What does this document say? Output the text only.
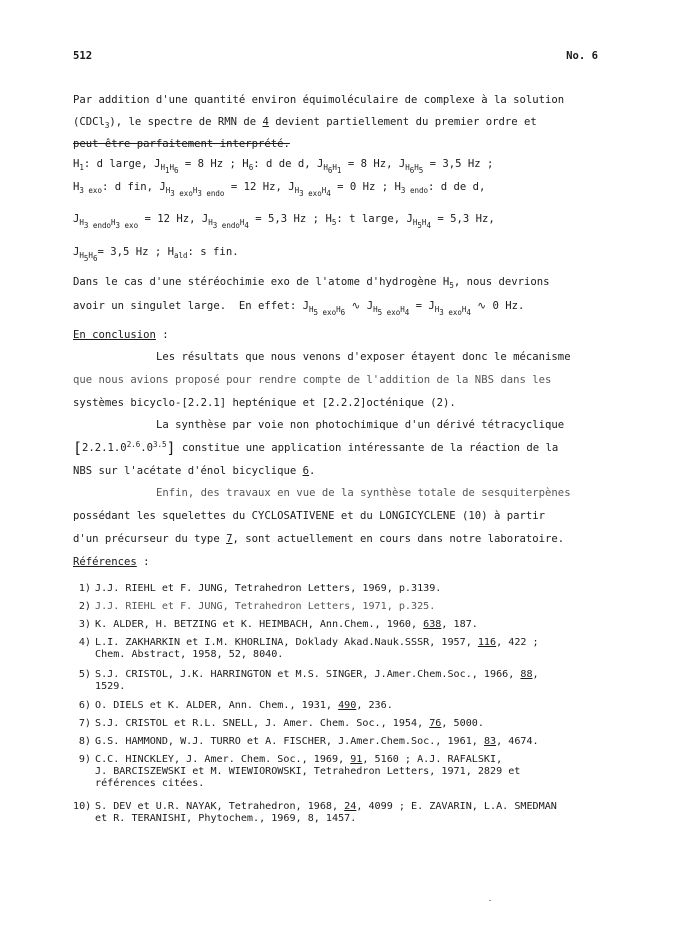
512	No. 6
Par addition d'une quantité environ équimoléculaire de complexe à la solution
(CDCl$_3$), le spectre de RMN de 4 devient partiellement du premier ordre et
peut être parfaitement interprété.
$H_1$: d large, $J_{H_1H_6} = 8$ Hz ; $H_6$: d de d, $J_{H_6H_1} = 8$ Hz, $J_{H_6H_5} = 3,5$ Hz ;
$H_{3 exo}$: d fin, $J_{H_{3 exo}H_{3 endo}} = 12$ Hz, $J_{H_{3 exo}H_4} = 0$ Hz ; $H_{3 endo}$: d de d,
$J_{H_{3 endo}H_{3 exo}} = 12$ Hz, $J_{H_{3 endo}H_4} = 5,3$ Hz ; $H_5$: t large, $J_{H_5H_4} = 5,3$ Hz,
$J_{H_5H_6}= 3,5$ Hz ; $H_{ald}$: s fin.
Dans le cas d'une stéréochimie exo de l'atome d'hydrogène $H_5$, nous devrions
avoir un singulet large.  En effet: $J_{H_{5 exo}H_6}$ ∿ $J_{H_{5 exo}H_4} = J_{H_{3 exo}H_4}$ ∿ 0 Hz.
En conclusion :
Les résultats que nous venons d'exposer étayent donc le mécanisme
que nous avions proposé pour rendre compte de l'addition de la NBS dans les
systèmes bicyclo-[2.2.1] hepténique et [2.2.2]octénique (2).
La synthèse par voie non photochimique d'un dérivé tétracyclique
$[2.2.1.0^{2.6}.0^{3.5}]$ constitue une application intéressante de la réaction de la
NBS sur l'acétate d'énol bicyclique 6.
Enfin, des travaux en vue de la synthèse totale de sesquiterpènes
possédant les squelettes du CYCLOSATIVENE et du LONGICYCLENE (10) à partir
d'un précurseur du type 7, sont actuellement en cours dans notre laboratoire.
Références :
1) J.J. RIEHL et F. JUNG, Tetrahedron Letters, 1969, p.3139.
2) J.J. RIEHL et F. JUNG, Tetrahedron Letters, 1971, p.325.
3) K. ALDER, H. BETZING et K. HEIMBACH, Ann.Chem., 1960, 638, 187.
4) L.I. ZAKHARKIN et I.M. KHORLINA, Doklady Akad.Nauk.SSSR, 1957, 116, 422 ;
Chem. Abstract, 1958, 52, 8040.
5) S.J. CRISTOL, J.K. HARRINGTON et M.S. SINGER, J.Amer.Chem.Soc., 1966, 88,
1529.
6) O. DIELS et K. ALDER, Ann. Chem., 1931, 490, 236.
7) S.J. CRISTOL et R.L. SNELL, J. Amer. Chem. Soc., 1954, 76, 5000.
8) G.S. HAMMOND, W.J. TURRO et A. FISCHER, J.Amer.Chem.Soc., 1961, 83, 4674.
9) C.C. HINCKLEY, J. Amer. Chem. Soc., 1969, 91, 5160 ; A.J. RAFALSKI,
J. BARCISZEWSKI et M. WIEWIOROWSKI, Tetrahedron Letters, 1971, 2829 et
références citées.
10) S. DEV et U.R. NAYAK, Tetrahedron, 1968, 24, 4099 ; E. ZAVARIN, L.A. SMEDMAN
et R. TERANISHI, Phytochem., 1969, 8, 1457.
